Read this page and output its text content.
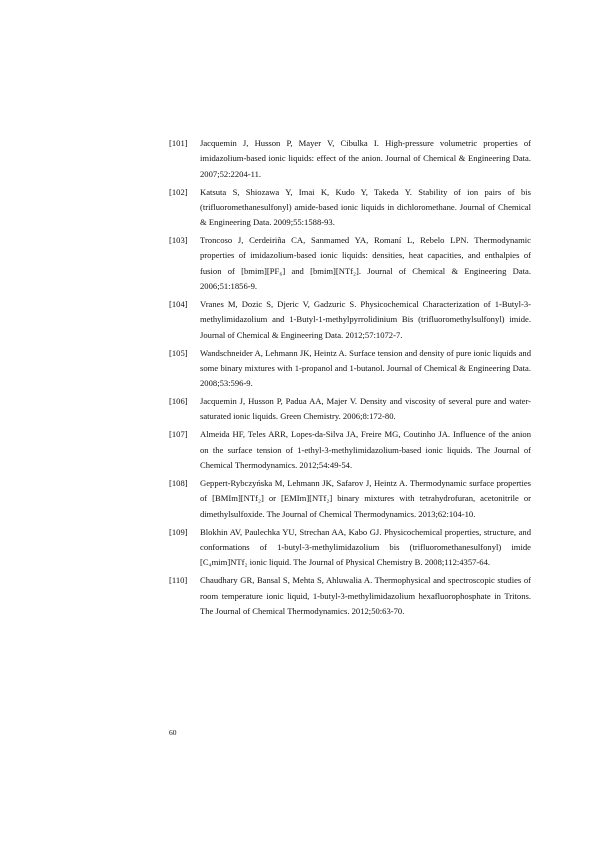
[101]	Jacquemin J, Husson P, Mayer V, Cibulka I. High-pressure volumetric properties of imidazolium-based ionic liquids: effect of the anion. Journal of Chemical & Engineering Data. 2007;52:2204-11.
[102]	Katsuta S, Shiozawa Y, Imai K, Kudo Y, Takeda Y. Stability of ion pairs of bis (trifluoromethanesulfonyl) amide-based ionic liquids in dichloromethane. Journal of Chemical & Engineering Data. 2009;55:1588-93.
[103]	Troncoso J, Cerdeiriña CA, Sanmamed YA, Romaní L, Rebelo LPN. Thermodynamic properties of imidazolium-based ionic liquids: densities, heat capacities, and enthalpies of fusion of [bmim][PF₆] and [bmim][NTf₂]. Journal of Chemical & Engineering Data. 2006;51:1856-9.
[104]	Vranes M, Dozic S, Djeric V, Gadzuric S. Physicochemical Characterization of 1-Butyl-3-methylimidazolium and 1-Butyl-1-methylpyrrolidinium Bis (trifluoromethylsulfonyl) imide. Journal of Chemical & Engineering Data. 2012;57:1072-7.
[105]	Wandschneider A, Lehmann JK, Heintz A. Surface tension and density of pure ionic liquids and some binary mixtures with 1-propanol and 1-butanol. Journal of Chemical & Engineering Data. 2008;53:596-9.
[106]	Jacquemin J, Husson P, Padua AA, Majer V. Density and viscosity of several pure and water-saturated ionic liquids. Green Chemistry. 2006;8:172-80.
[107]	Almeida HF, Teles ARR, Lopes-da-Silva JA, Freire MG, Coutinho JA. Influence of the anion on the surface tension of 1-ethyl-3-methylimidazolium-based ionic liquids. The Journal of Chemical Thermodynamics. 2012;54:49-54.
[108]	Geppert-Rybczyńska M, Lehmann JK, Safarov J, Heintz A. Thermodynamic surface properties of [BMIm][NTf₂] or [EMIm][NTf₂] binary mixtures with tetrahydrofuran, acetonitrile or dimethylsulfoxide. The Journal of Chemical Thermodynamics. 2013;62:104-10.
[109]	Blokhin AV, Paulechka YU, Strechan AA, Kabo GJ. Physicochemical properties, structure, and conformations of 1-butyl-3-methylimidazolium bis (trifluoromethanesulfonyl) imide [C₄mim]NTf₂ ionic liquid. The Journal of Physical Chemistry B. 2008;112:4357-64.
[110]	Chaudhary GR, Bansal S, Mehta S, Ahluwalia A. Thermophysical and spectroscopic studies of room temperature ionic liquid, 1-butyl-3-methylimidazolium hexafluorophosphate in Tritons. The Journal of Chemical Thermodynamics. 2012;50:63-70.
60
